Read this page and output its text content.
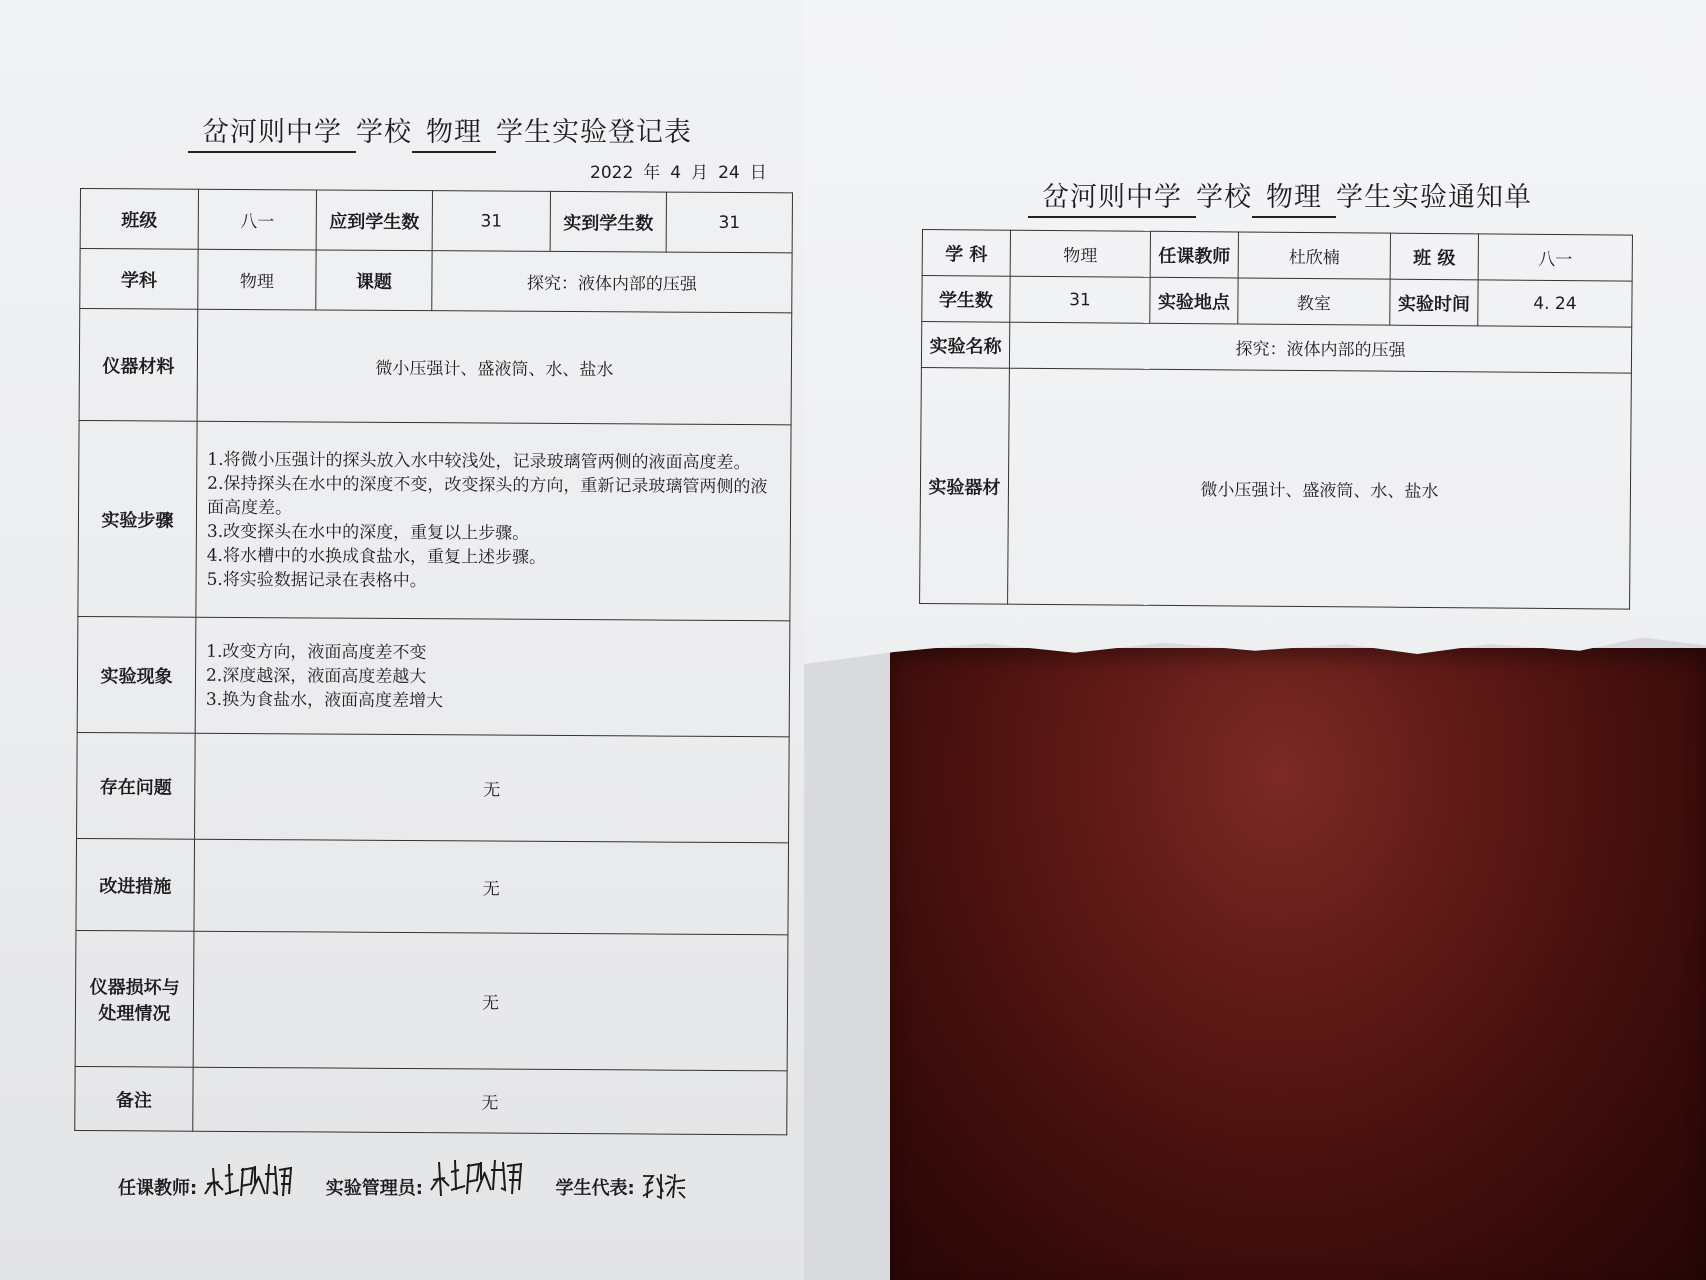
岔河则中学 学校 物理 学生实验登记表
2022 年 4 月 24 日
班级	八一	应到学生数	31	实到学生数	31
学科	物理	课题	探究：液体内部的压强		
仪器材料	微小压强计、盛液筒、水、盐水				
实验步骤	1.将微小压强计的探头放入水中较浅处，记录玻璃管两侧的液面高度差。
2.保持探头在水中的深度不变，改变探头的方向，重新记录玻璃管两侧的液面高度差。
3.改变探头在水中的深度，重复以上步骤。
4.将水槽中的水换成食盐水，重复上述步骤。
5.将实验数据记录在表格中。				

实验现象	1.改变方向，液面高度差不变
2.深度越深，液面高度差越大
3.换为食盐水，液面高度差增大				

存在问题	无				
改进措施	无				
仪器损坏与处理情况	无				
备注	无				
任课教师:	实验管理员:	学生代表:
岔河则中学 学校 物理 学生实验通知单
学 科	物理	任课教师	杜欣楠	班 级	八一
学生数	31	实验地点	教室	实验时间	4. 24
实验名称	探究：液体内部的压强				
实验器材	微小压强计、盛液筒、水、盐水				
